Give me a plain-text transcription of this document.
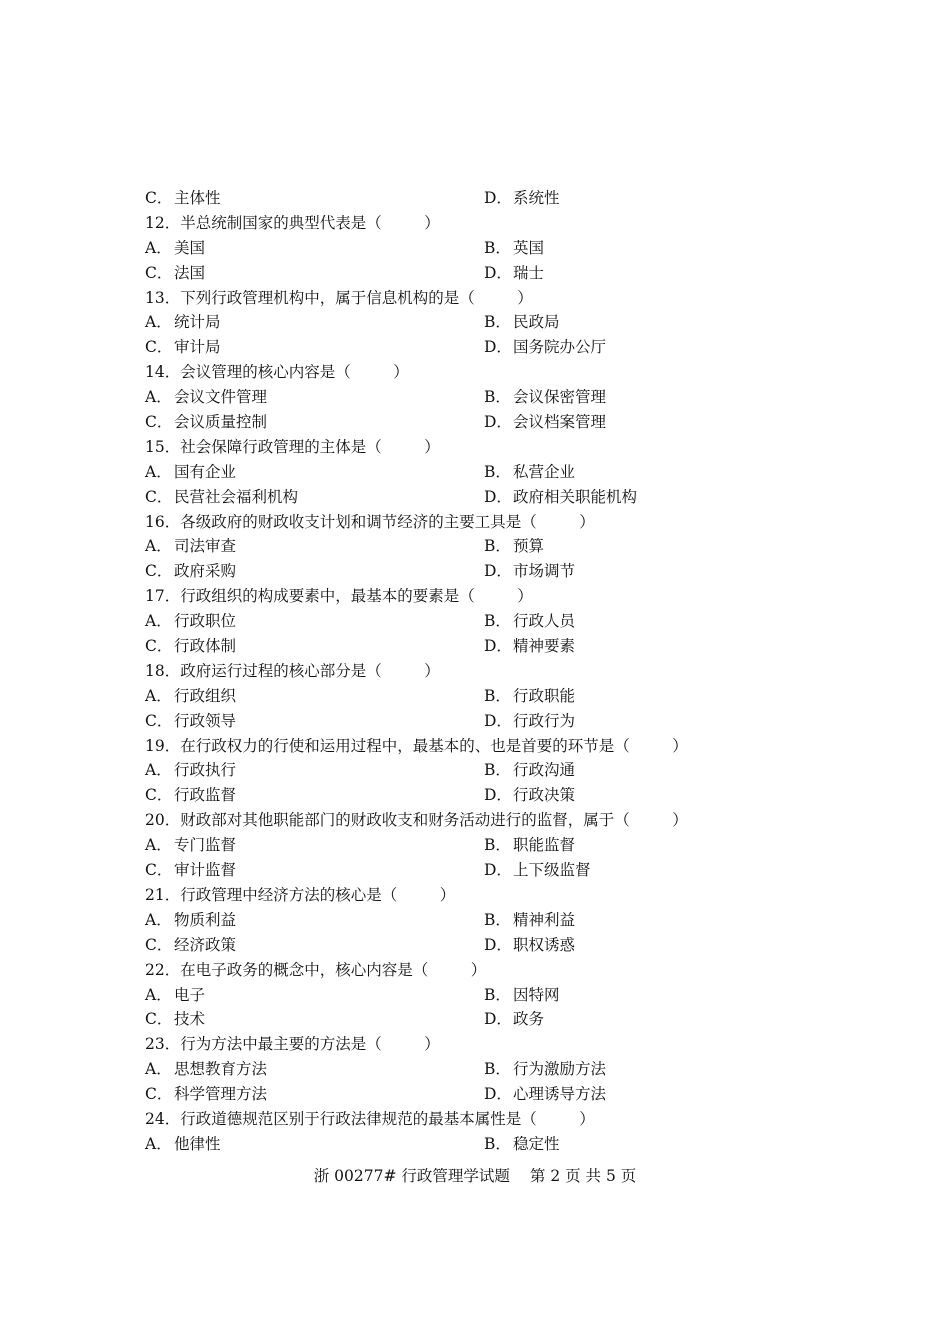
C． 主体性	D．系统性
12．半总统制国家的典型代表是（	）
A． 美国	B． 英国
C． 法国	D．瑞士
13．下列行政管理机构中，属于信息机构的是（	）
A． 统计局	B． 民政局
C． 审计局	D．国务院办公厅
14．会议管理的核心内容是（	）
A． 会议文件管理	B． 会议保密管理
C． 会议质量控制	D．会议档案管理
15．社会保障行政管理的主体是（	）
A． 国有企业	B． 私营企业
C． 民营社会福利机构	D．政府相关职能机构
16．各级政府的财政收支计划和调节经济的主要工具是（	）
A． 司法审查	B． 预算
C． 政府采购	D．市场调节
17．行政组织的构成要素中，最基本的要素是（	）
A． 行政职位	B． 行政人员
C． 行政体制	D．精神要素
18．政府运行过程的核心部分是（	）
A． 行政组织	B． 行政职能
C． 行政领导	D．行政行为
19．在行政权力的行使和运用过程中，最基本的、也是首要的环节是（	）
A． 行政执行	B． 行政沟通
C． 行政监督	D．行政决策
20．财政部对其他职能部门的财政收支和财务活动进行的监督，属于（	）
A． 专门监督	B． 职能监督
C． 审计监督	D．上下级监督
21．行政管理中经济方法的核心是（	）
A． 物质利益	B． 精神利益
C． 经济政策	D．职权诱惑
22．在电子政务的概念中，核心内容是（	）
A． 电子	B． 因特网
C． 技术	D．政务
23．行为方法中最主要的方法是（	）
A． 思想教育方法	B． 行为激励方法
C． 科学管理方法	D．心理诱导方法
24．行政道德规范区别于行政法律规范的最基本属性是（	）
A． 他律性	B． 稳定性
浙 00277# 行政管理学试题 第 2 页 共 5 页
